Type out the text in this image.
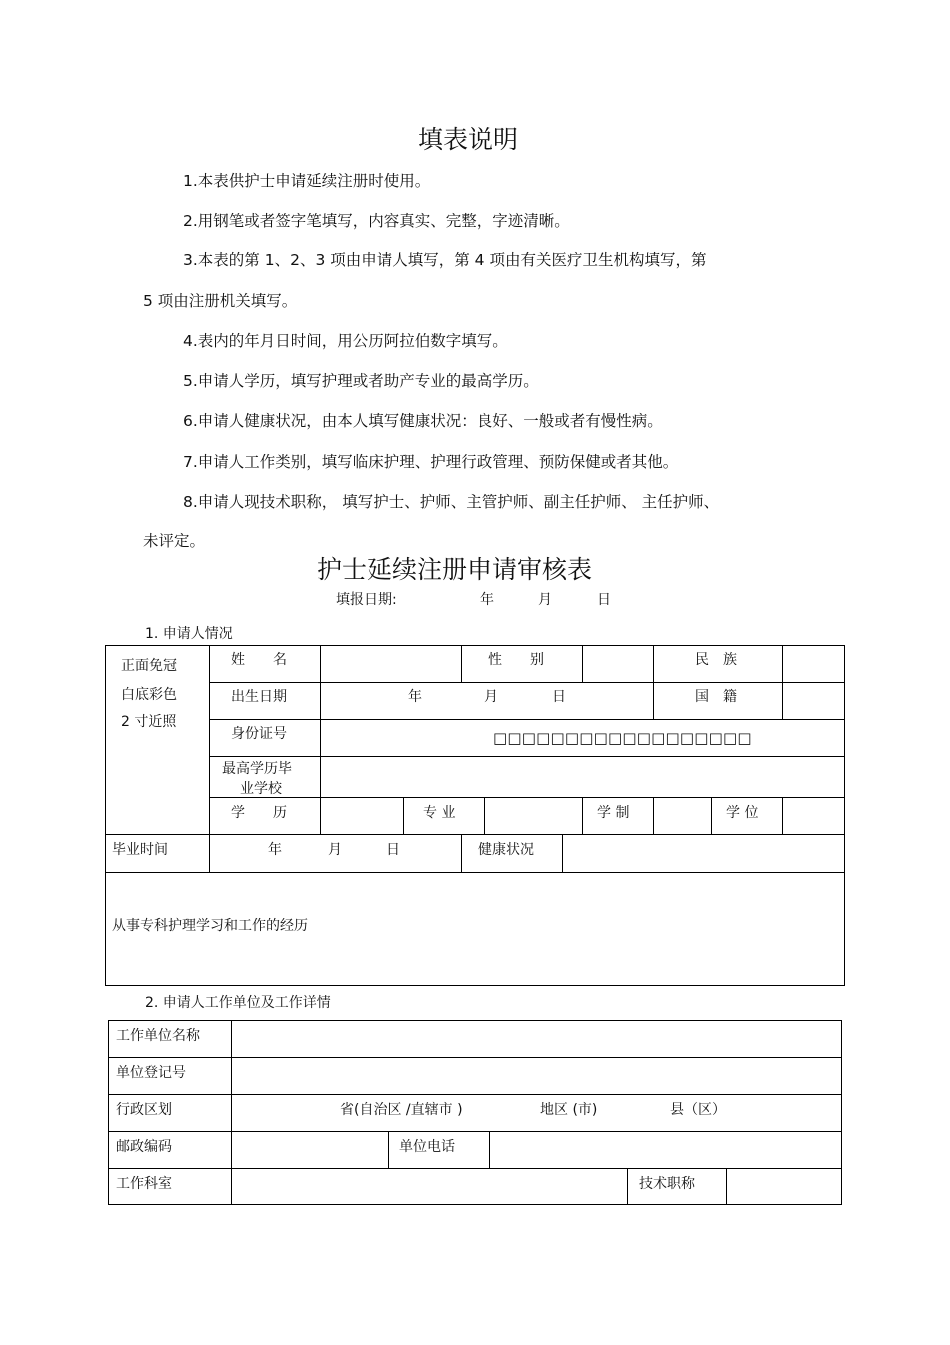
填表说明
1.本表供护士申请延续注册时使用。
2.用钢笔或者签字笔填写，内容真实、完整，字迹清晰。
3.本表的第 1、2、3 项由申请人填写，第 4 项由有关医疗卫生机构填写，第
5 项由注册机关填写。
4.表内的年月日时间，用公历阿拉伯数字填写。
5.申请人学历，填写护理或者助产专业的最高学历。
6.申请人健康状况，由本人填写健康状况：良好、一般或者有慢性病。
7.申请人工作类别，填写临床护理、护理行政管理、预防保健或者其他。
8.申请人现技术职称， 填写护士、护师、主管护师、副主任护师、 主任护师、
未评定。
护士延续注册申请审核表
填报日期:	年	月	日
1. 申请人情况
正面免冠
白底彩色
2 寸近照
姓　　名	性　　别	民　族
出生日期	年	月	日	国　籍
身份证号	□□□□□□□□□□□□□□□□□□
最高学历毕
业学校
学　　历	专 业	学 制	学 位
毕业时间	年	月	日	健康状况
从事专科护理学习和工作的经历
2. 申请人工作单位及工作详情
工作单位名称
单位登记号
行政区划	省(自治区 /直辖市 )	地区 (市)	县（区）
邮政编码	单位电话
工作科室	技术职称
